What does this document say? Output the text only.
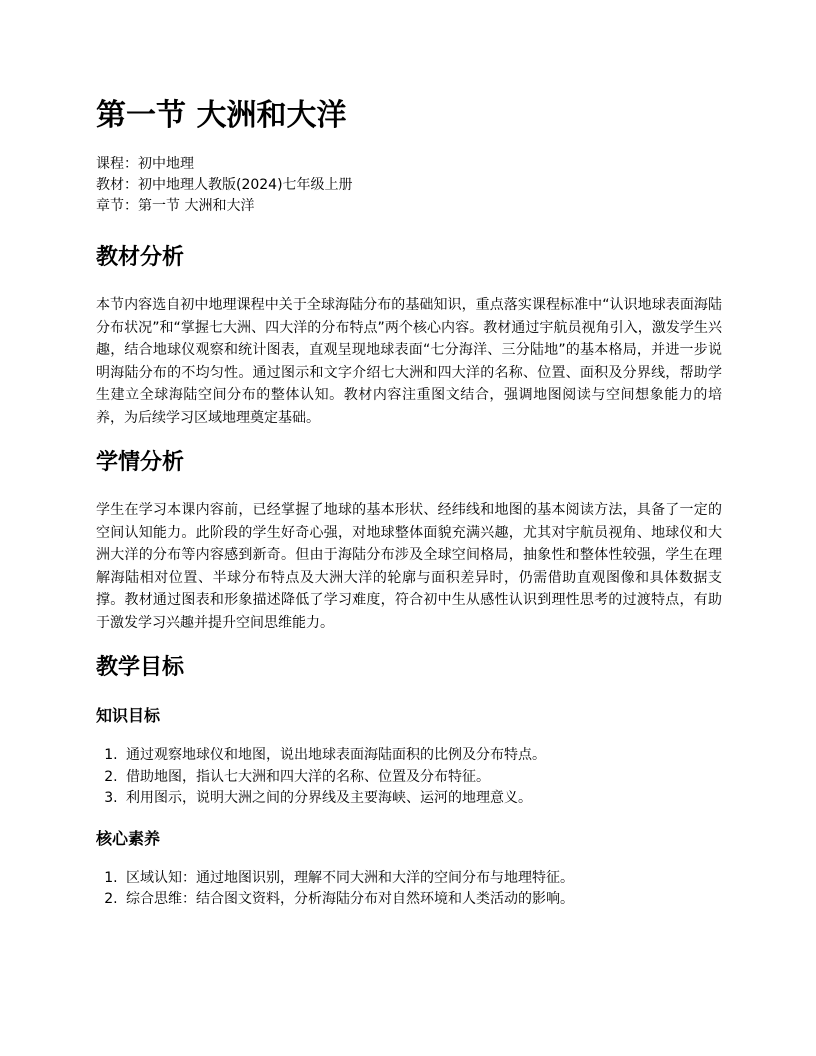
第一节 大洲和大洋
课程：初中地理
教材：初中地理人教版(2024)七年级上册
章节：第一节 大洲和大洋
教材分析

本节内容选自初中地理课程中关于全球海陆分布的基础知识，重点落实课程标准中“认识地球表面海陆分布状况”和“掌握七大洲、四大洋的分布特点”两个核心内容。教材通过宇航员视角引入，激发学生兴趣，结合地球仪观察和统计图表，直观呈现地球表面“七分海洋、三分陆地”的基本格局，并进一步说明海陆分布的不均匀性。通过图示和文字介绍七大洲和四大洋的名称、位置、面积及分界线，帮助学生建立全球海陆空间分布的整体认知。教材内容注重图文结合，强调地图阅读与空间想象能力的培养，为后续学习区域地理奠定基础。

学情分析

学生在学习本课内容前，已经掌握了地球的基本形状、经纬线和地图的基本阅读方法，具备了一定的空间认知能力。此阶段的学生好奇心强，对地球整体面貌充满兴趣，尤其对宇航员视角、地球仪和大洲大洋的分布等内容感到新奇。但由于海陆分布涉及全球空间格局，抽象性和整体性较强，学生在理解海陆相对位置、半球分布特点及大洲大洋的轮廓与面积差异时，仍需借助直观图像和具体数据支撑。教材通过图表和形象描述降低了学习难度，符合初中生从感性认识到理性思考的过渡特点，有助于激发学习兴趣并提升空间思维能力。

教学目标
知识目标
1. 通过观察地球仪和地图，说出地球表面海陆面积的比例及分布特点。
2. 借助地图，指认七大洲和四大洋的名称、位置及分布特征。
3. 利用图示，说明大洲之间的分界线及主要海峡、运河的地理意义。
核心素养
1. 区域认知：通过地图识别，理解不同大洲和大洋的空间分布与地理特征。
2. 综合思维：结合图文资料，分析海陆分布对自然环境和人类活动的影响。
